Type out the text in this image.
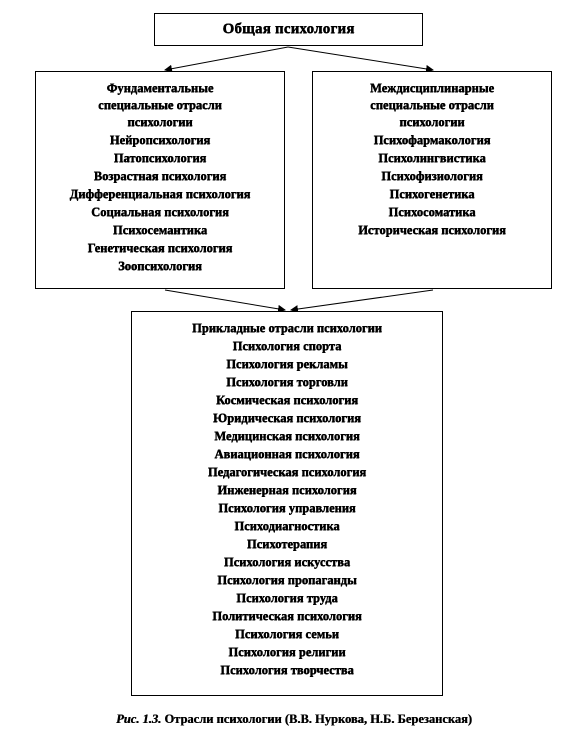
Общая психология
Фундаментальные
специальные отрасли
психологии
Нейропсихология
Патопсихология
Возрастная психология
Дифференциальная психология
Социальная психология
Психосемантика
Генетическая психология
Зоопсихология
Междисциплинарные
специальные отрасли
психологии
Психофармакология
Психолингвистика
Психофизиология
Психогенетика
Психосоматика
Историческая психология
Прикладные отрасли психологии
Психология спорта
Психология рекламы
Психология торговли
Космическая психология
Юридическая психология
Медицинская психология
Авиационная психология
Педагогическая психология
Инженерная психология
Психология управления
Психодиагностика
Психотерапия
Психология искусства
Психология пропаганды
Психология труда
Политическая психология
Психология семьи
Психология религии
Психология творчества
Рис. 1.3. Отрасли психологии (В.В. Нуркова, Н.Б. Березанская)
